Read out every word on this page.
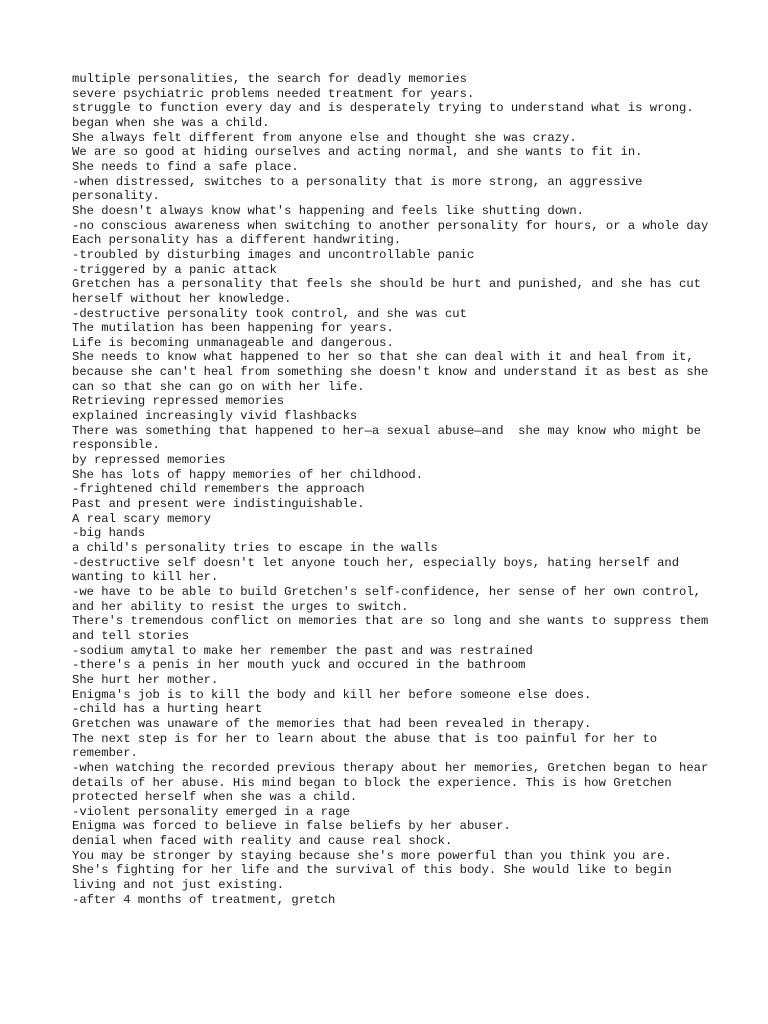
multiple personalities, the search for deadly memories
severe psychiatric problems needed treatment for years.
struggle to function every day and is desperately trying to understand what is wrong.
began when she was a child.
She always felt different from anyone else and thought she was crazy.
We are so good at hiding ourselves and acting normal, and she wants to fit in.
She needs to find a safe place.
-when distressed, switches to a personality that is more strong, an aggressive personality.
She doesn't always know what's happening and feels like shutting down.
-no conscious awareness when switching to another personality for hours, or a whole day
Each personality has a different handwriting.
-troubled by disturbing images and uncontrollable panic
-triggered by a panic attack
Gretchen has a personality that feels she should be hurt and punished, and she has cut herself without her knowledge.
-destructive personality took control, and she was cut
The mutilation has been happening for years.
Life is becoming unmanageable and dangerous.
She needs to know what happened to her so that she can deal with it and heal from it, because she can't heal from something she doesn't know and understand it as best as she can so that she can go on with her life.
Retrieving repressed memories
explained increasingly vivid flashbacks
There was something that happened to her—a sexual abuse—and  she may know who might be responsible.
by repressed memories
She has lots of happy memories of her childhood.
-frightened child remembers the approach
Past and present were indistinguishable.
A real scary memory
-big hands
a child's personality tries to escape in the walls
-destructive self doesn't let anyone touch her, especially boys, hating herself and wanting to kill her.
-we have to be able to build Gretchen's self-confidence, her sense of her own control, and her ability to resist the urges to switch.
There's tremendous conflict on memories that are so long and she wants to suppress them and tell stories
-sodium amytal to make her remember the past and was restrained
-there's a penis in her mouth yuck and occured in the bathroom
She hurt her mother.
Enigma's job is to kill the body and kill her before someone else does.
-child has a hurting heart
Gretchen was unaware of the memories that had been revealed in therapy.
The next step is for her to learn about the abuse that is too painful for her to remember.
-when watching the recorded previous therapy about her memories, Gretchen began to hear details of her abuse. His mind began to block the experience. This is how Gretchen protected herself when she was a child.
-violent personality emerged in a rage
Enigma was forced to believe in false beliefs by her abuser.
denial when faced with reality and cause real shock.
You may be stronger by staying because she's more powerful than you think you are.
She's fighting for her life and the survival of this body. She would like to begin living and not just existing.
-after 4 months of treatment, gretch
